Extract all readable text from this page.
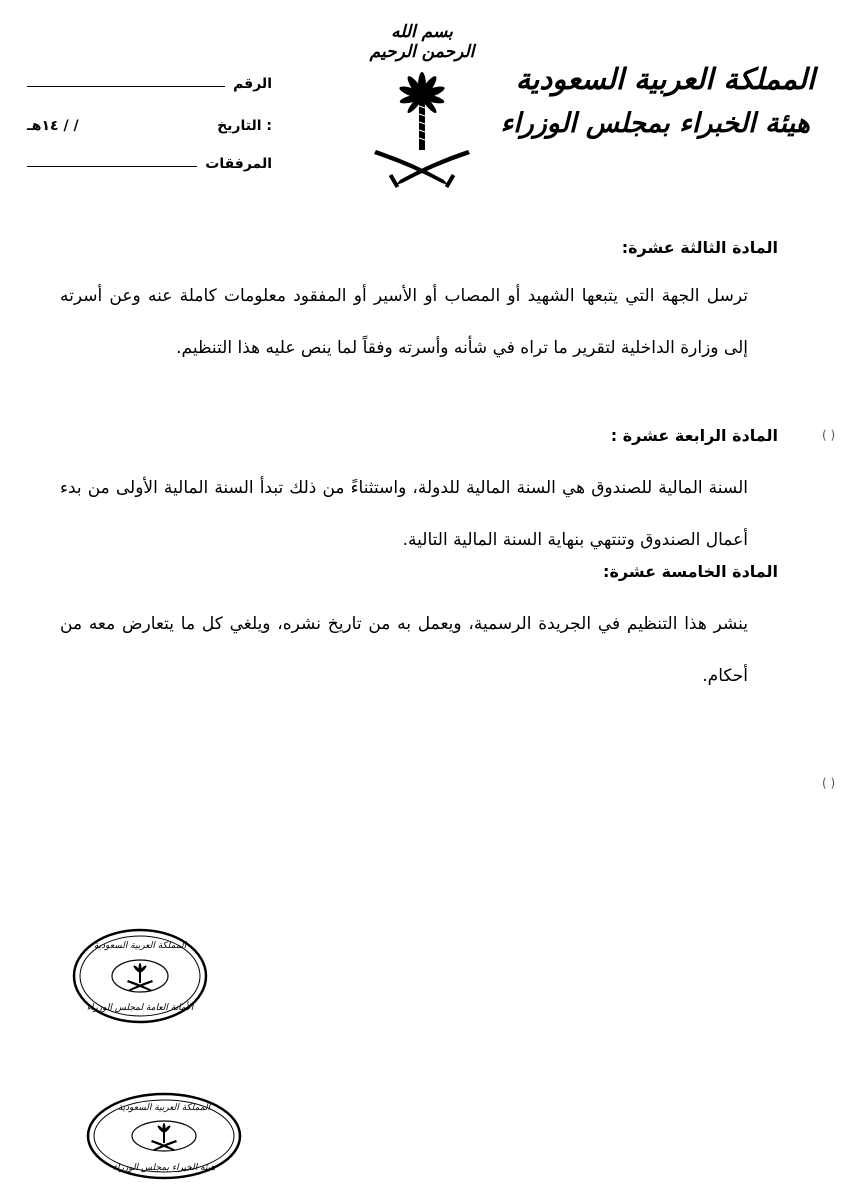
بسم الله الرحمن الرحيم
المملكة العربية السعودية
هيئة الخبراء بمجلس الوزراء
الرقم
/ / ١٤هـ	التاريخ :
المرفقات
المادة الثالثة عشرة:

ترسل الجهة التي يتبعها الشهيد أو المصاب أو الأسير أو المفقود معلومات كاملة عنه وعن أسرته إلى وزارة الداخلية لتقرير ما تراه في شأنه وأسرته وفقاً لما ينص عليه هذا التنظيم.

المادة الرابعة عشرة :

السنة المالية للصندوق هي السنة المالية للدولة، واستثناءً من ذلك تبدأ السنة المالية الأولى من بدء أعمال الصندوق وتنتهي بنهاية السنة المالية التالية.

المادة الخامسة عشرة:

ينشر هذا التنظيم في الجريدة الرسمية، ويعمل به من تاريخ نشره، ويلغي كل ما يتعارض معه من أحكام.

( )
( )
المملكة العربية السعودية
الأمانة العامة لمجلس الوزراء
المملكة العربية السعودية
هيئة الخبراء بمجلس الوزراء
